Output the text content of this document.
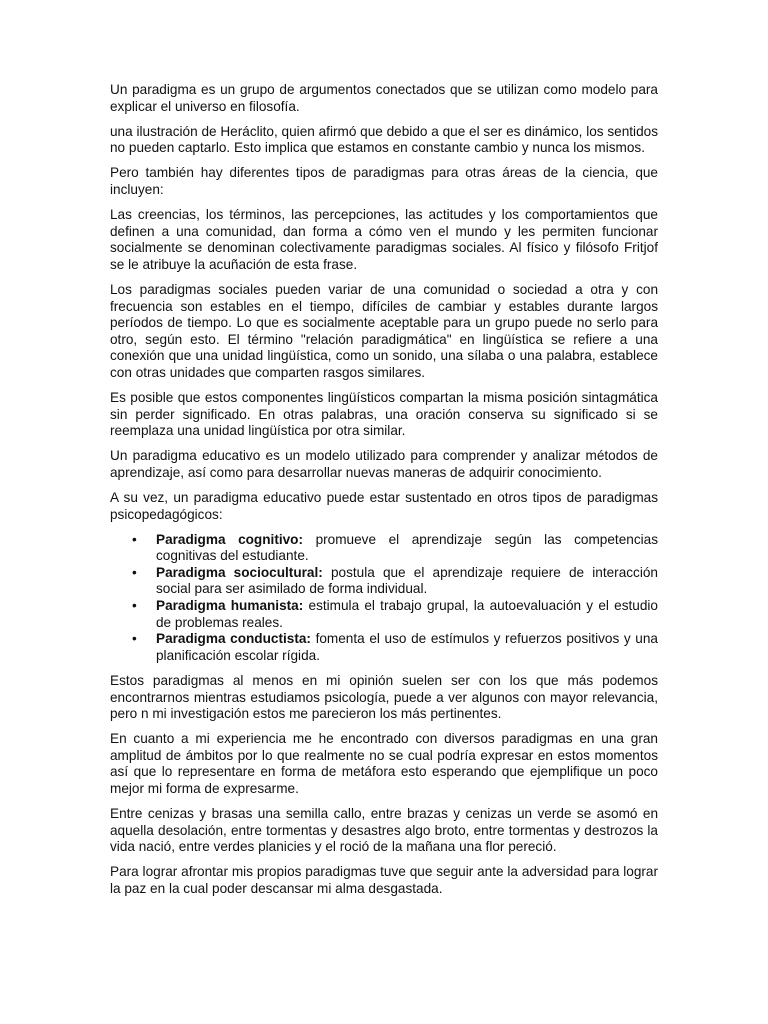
Un paradigma es un grupo de argumentos conectados que se utilizan como modelo para explicar el universo en filosofía.

una ilustración de Heráclito, quien afirmó que debido a que el ser es dinámico, los sentidos no pueden captarlo. Esto implica que estamos en constante cambio y nunca los mismos.

Pero también hay diferentes tipos de paradigmas para otras áreas de la ciencia, que incluyen:

Las creencias, los términos, las percepciones, las actitudes y los comportamientos que definen a una comunidad, dan forma a cómo ven el mundo y les permiten funcionar socialmente se denominan colectivamente paradigmas sociales. Al físico y filósofo Fritjof se le atribuye la acuñación de esta frase.

Los paradigmas sociales pueden variar de una comunidad o sociedad a otra y con frecuencia son estables en el tiempo, difíciles de cambiar y estables durante largos períodos de tiempo. Lo que es socialmente aceptable para un grupo puede no serlo para otro, según esto. El término "relación paradigmática" en lingüística se refiere a una conexión que una unidad lingüística, como un sonido, una sílaba o una palabra, establece con otras unidades que comparten rasgos similares.

Es posible que estos componentes lingüísticos compartan la misma posición sintagmática sin perder significado. En otras palabras, una oración conserva su significado si se reemplaza una unidad lingüística por otra similar.

Un paradigma educativo es un modelo utilizado para comprender y analizar métodos de aprendizaje, así como para desarrollar nuevas maneras de adquirir conocimiento.

A su vez, un paradigma educativo puede estar sustentado en otros tipos de paradigmas psicopedagógicos:

• Paradigma cognitivo: promueve el aprendizaje según las competencias cognitivas del estudiante.
• Paradigma sociocultural: postula que el aprendizaje requiere de interacción social para ser asimilado de forma individual.
• Paradigma humanista: estimula el trabajo grupal, la autoevaluación y el estudio de problemas reales.
• Paradigma conductista: fomenta el uso de estímulos y refuerzos positivos y una planificación escolar rígida.

Estos paradigmas al menos en mi opinión suelen ser con los que más podemos encontrarnos mientras estudiamos psicología, puede a ver algunos con mayor relevancia, pero n mi investigación estos me parecieron los más pertinentes.

En cuanto a mi experiencia me he encontrado con diversos paradigmas en una gran amplitud de ámbitos por lo que realmente no se cual podría expresar en estos momentos así que lo representare en forma de metáfora esto esperando que ejemplifique un poco mejor mi forma de expresarme.

Entre cenizas y brasas una semilla callo, entre brazas y cenizas un verde se asomó en aquella desolación, entre tormentas y desastres algo broto, entre tormentas y destrozos la vida nació, entre verdes planicies y el roció de la mañana una flor pereció.

Para lograr afrontar mis propios paradigmas tuve que seguir ante la adversidad para lograr la paz en la cual poder descansar mi alma desgastada.
